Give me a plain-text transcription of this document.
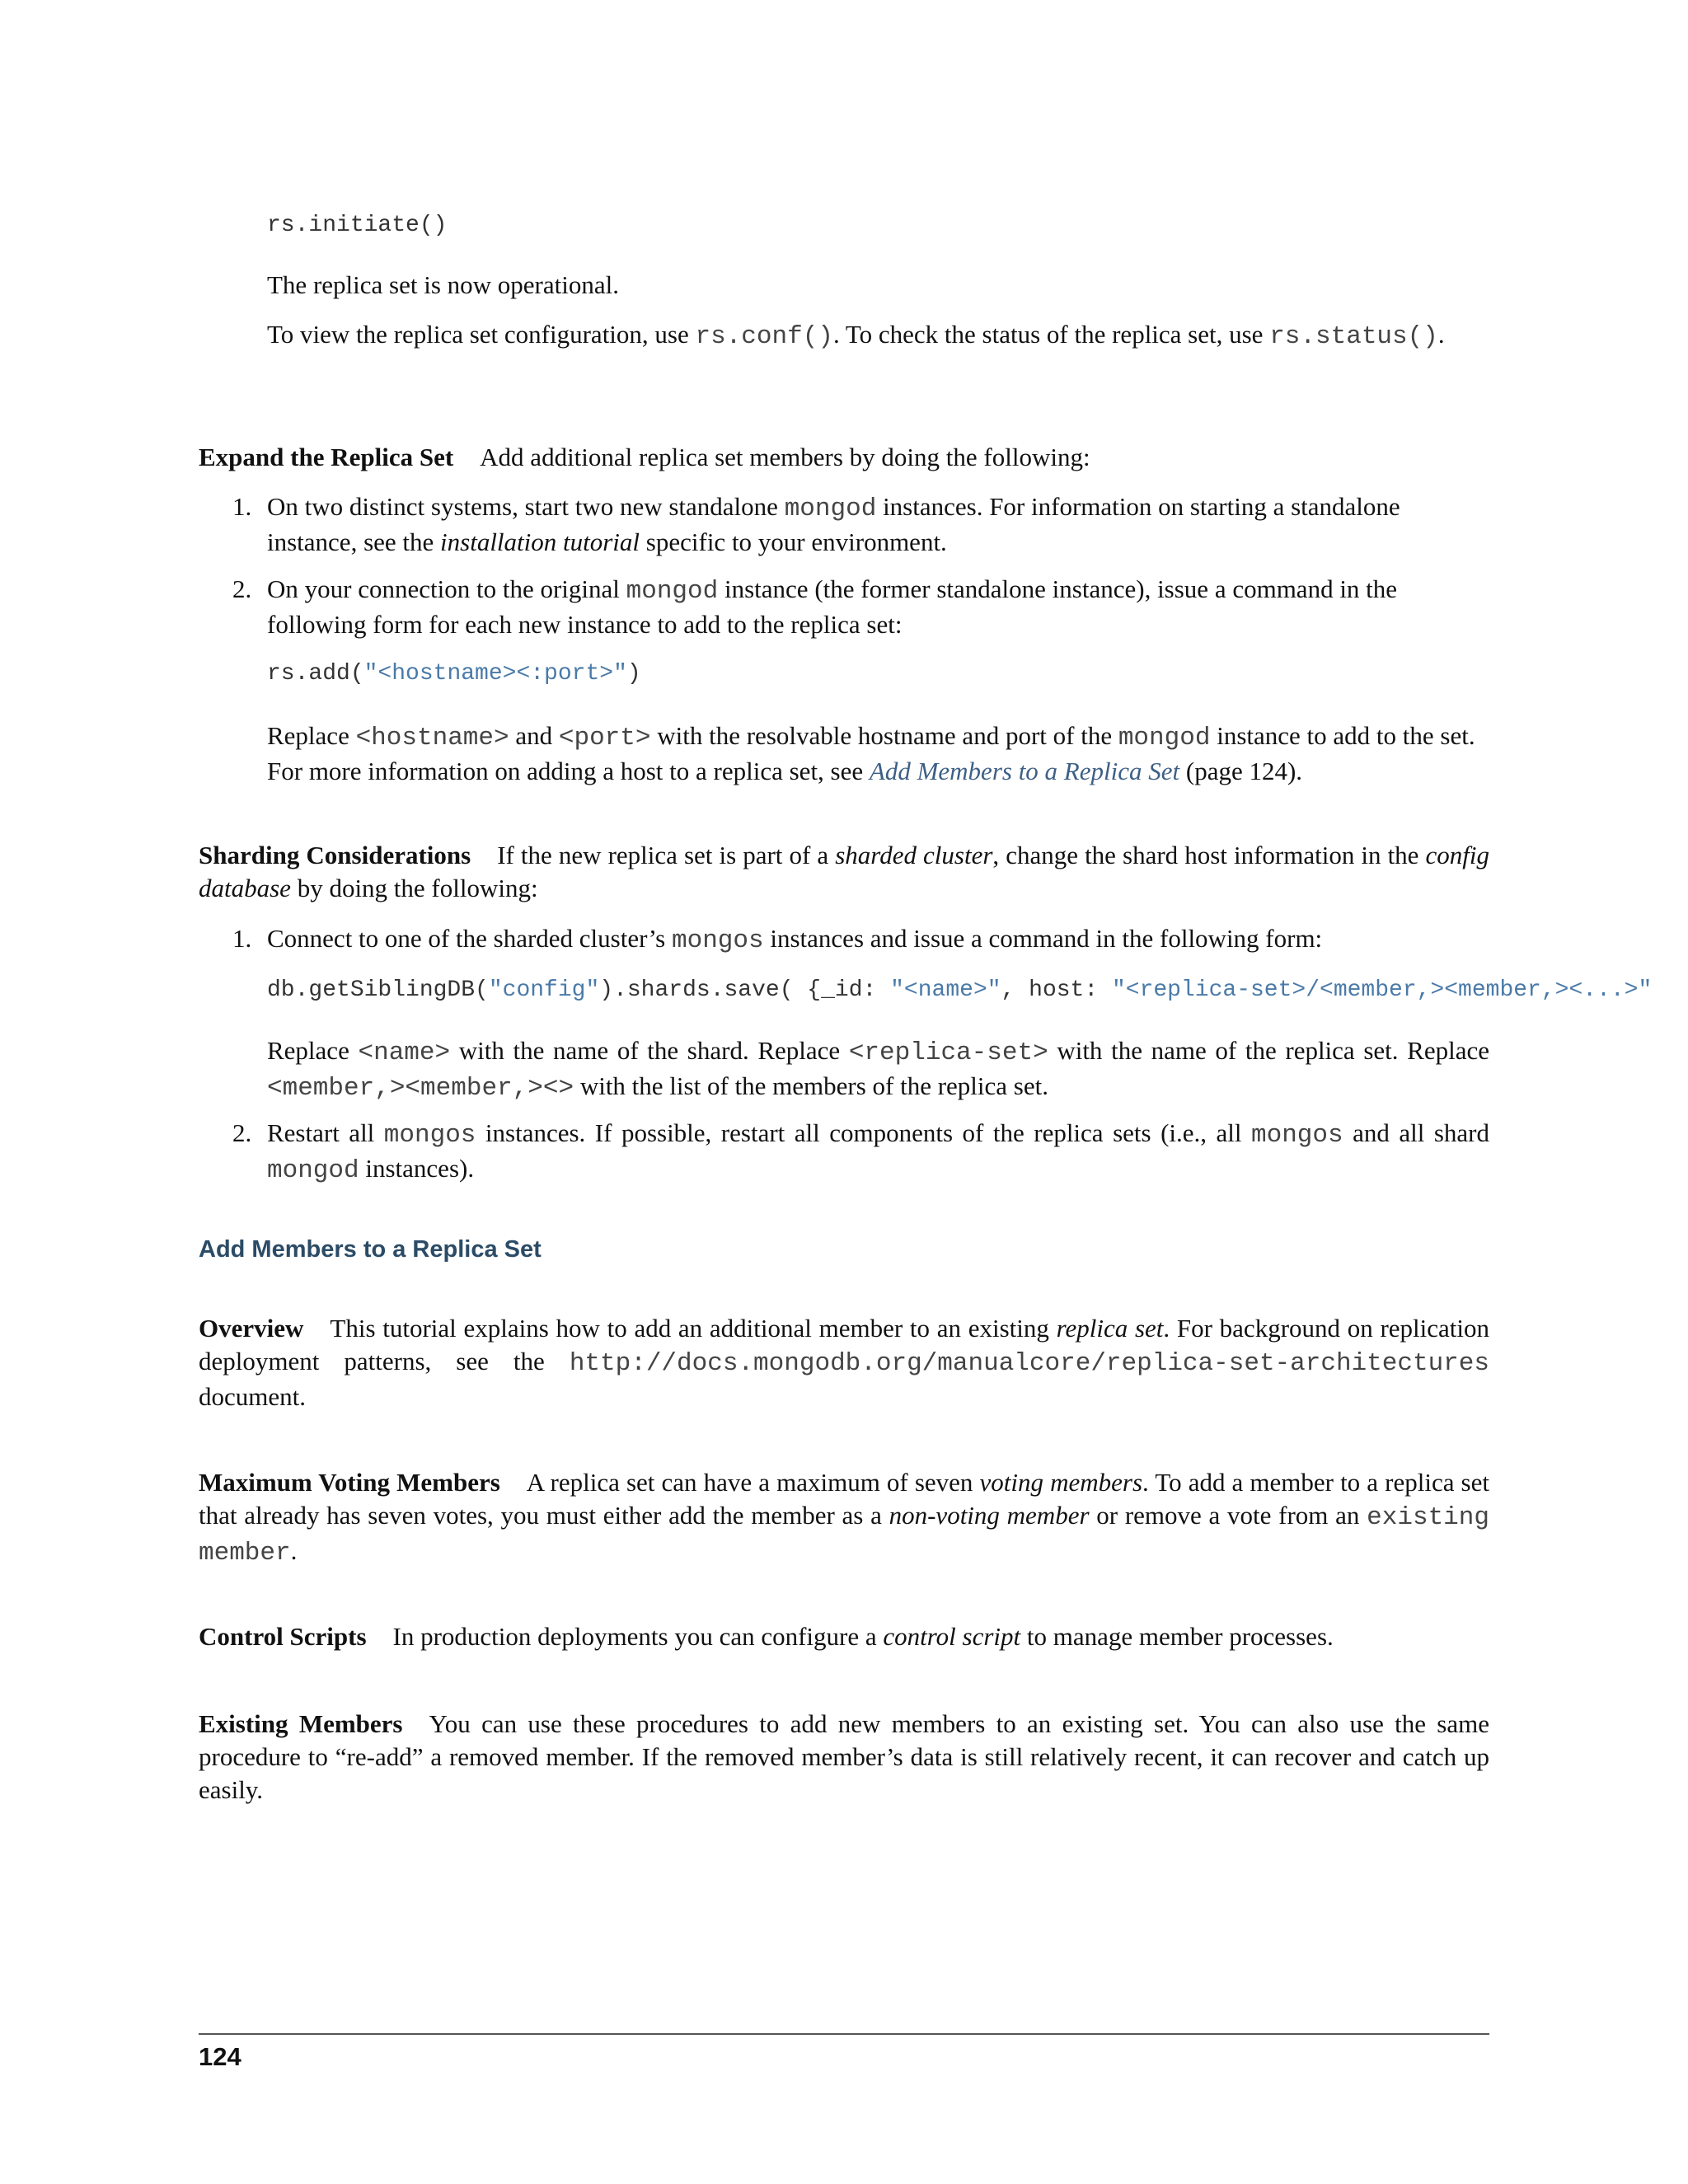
rs.initiate()

The replica set is now operational.

To view the replica set configuration, use rs.conf(). To check the status of the replica set, use rs.status().

Expand the Replica Set Add additional replica set members by doing the following:

1. On two distinct systems, start two new standalone mongod instances. For information on starting a standalone instance, see the installation tutorial specific to your environment.

2. On your connection to the original mongod instance (the former standalone instance), issue a command in the following form for each new instance to add to the replica set:

rs.add("<hostname><:port>")

Replace <hostname> and <port> with the resolvable hostname and port of the mongod instance to add to the set. For more information on adding a host to a replica set, see Add Members to a Replica Set (page 124).

Sharding Considerations If the new replica set is part of a sharded cluster, change the shard host information in the config database by doing the following:

1. Connect to one of the sharded cluster’s mongos instances and issue a command in the following form:

db.getSiblingDB("config").shards.save( {_id: "<name>", host: "<replica-set>/<member,><member,><...>"

Replace <name> with the name of the shard. Replace <replica-set> with the name of the replica set. Replace <member,><member,><> with the list of the members of the replica set.

2. Restart all mongos instances. If possible, restart all components of the replica sets (i.e., all mongos and all shard mongod instances).

Add Members to a Replica Set

Overview This tutorial explains how to add an additional member to an existing replica set. For background on replication deployment patterns, see the http://docs.mongodb.org/manualcore/replica-set-architectures document.

Maximum Voting Members A replica set can have a maximum of seven voting members. To add a member to a replica set that already has seven votes, you must either add the member as a non-voting member or remove a vote from an existing member.

Control Scripts In production deployments you can configure a control script to manage member processes.

Existing Members You can use these procedures to add new members to an existing set. You can also use the same procedure to “re-add” a removed member. If the removed member’s data is still relatively recent, it can recover and catch up easily.

124
